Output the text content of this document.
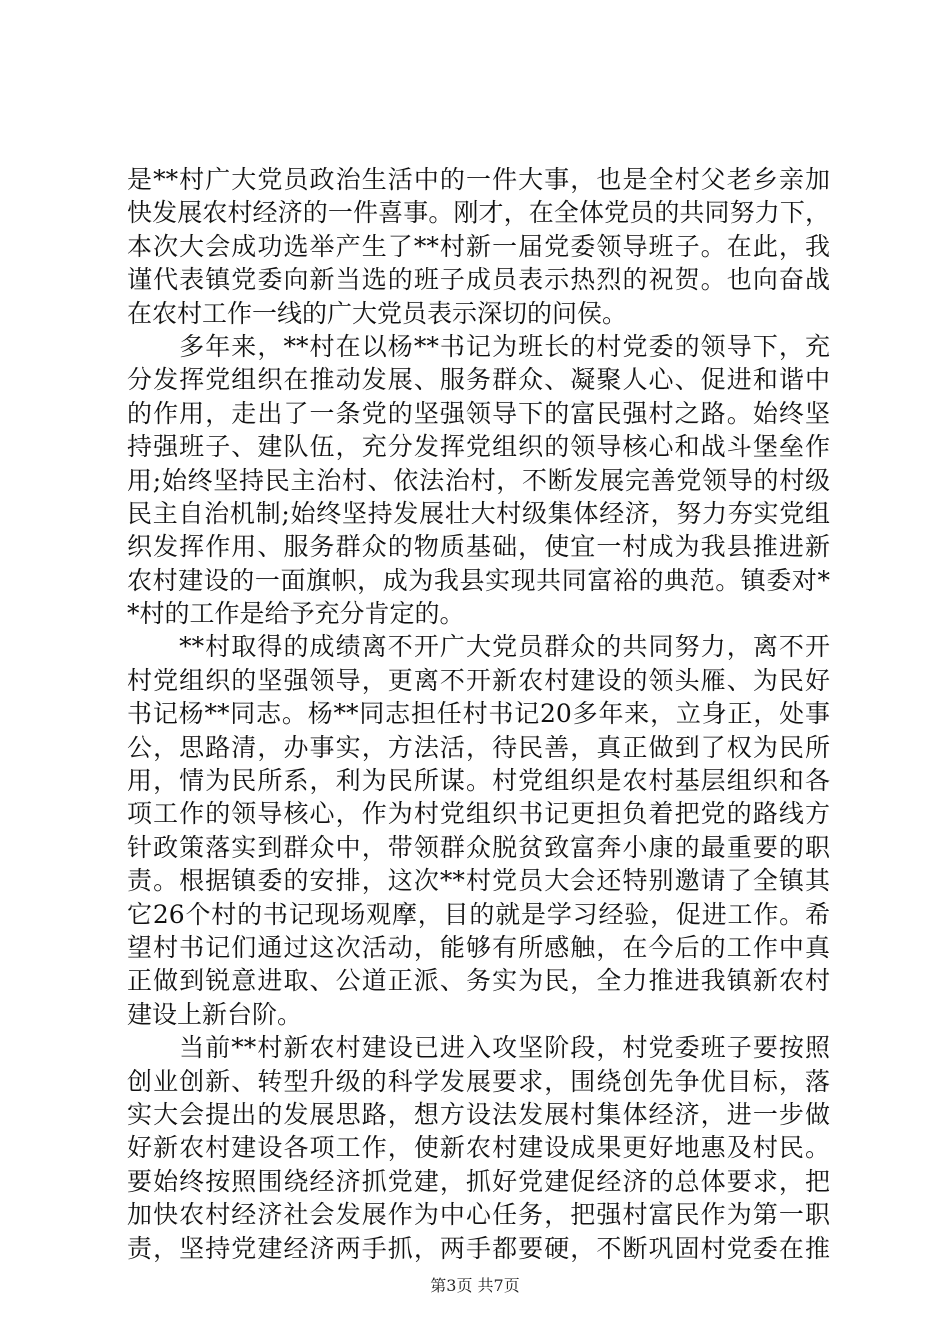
是**村广大党员政治生活中的一件大事，也是全村父老乡亲加
快发展农村经济的一件喜事。刚才，在全体党员的共同努力下，
本次大会成功选举产生了**村新一届党委领导班子。在此，我
谨代表镇党委向新当选的班子成员表示热烈的祝贺。也向奋战
在农村工作一线的广大党员表示深切的问侯。
　　多年来，**村在以杨**书记为班长的村党委的领导下，充
分发挥党组织在推动发展、服务群众、凝聚人心、促进和谐中
的作用，走出了一条党的坚强领导下的富民强村之路。始终坚
持强班子、建队伍，充分发挥党组织的领导核心和战斗堡垒作
用;始终坚持民主治村、依法治村，不断发展完善党领导的村级
民主自治机制;始终坚持发展壮大村级集体经济，努力夯实党组
织发挥作用、服务群众的物质基础，使宜一村成为我县推进新
农村建设的一面旗帜，成为我县实现共同富裕的典范。镇委对*
*村的工作是给予充分肯定的。
　　**村取得的成绩离不开广大党员群众的共同努力，离不开
村党组织的坚强领导，更离不开新农村建设的领头雁、为民好
书记杨**同志。杨**同志担任村书记20多年来，立身正，处事
公，思路清，办事实，方法活，待民善，真正做到了权为民所
用，情为民所系，利为民所谋。村党组织是农村基层组织和各
项工作的领导核心，作为村党组织书记更担负着把党的路线方
针政策落实到群众中，带领群众脱贫致富奔小康的最重要的职
责。根据镇委的安排，这次**村党员大会还特别邀请了全镇其
它26个村的书记现场观摩，目的就是学习经验，促进工作。希
望村书记们通过这次活动，能够有所感触，在今后的工作中真
正做到锐意进取、公道正派、务实为民，全力推进我镇新农村
建设上新台阶。
　　当前**村新农村建设已进入攻坚阶段，村党委班子要按照
创业创新、转型升级的科学发展要求，围绕创先争优目标，落
实大会提出的发展思路，想方设法发展村集体经济，进一步做
好新农村建设各项工作，使新农村建设成果更好地惠及村民。
要始终按照围绕经济抓党建，抓好党建促经济的总体要求，把
加快农村经济社会发展作为中心任务，把强村富民作为第一职
责，坚持党建经济两手抓，两手都要硬，不断巩固村党委在推
第3页 共7页
